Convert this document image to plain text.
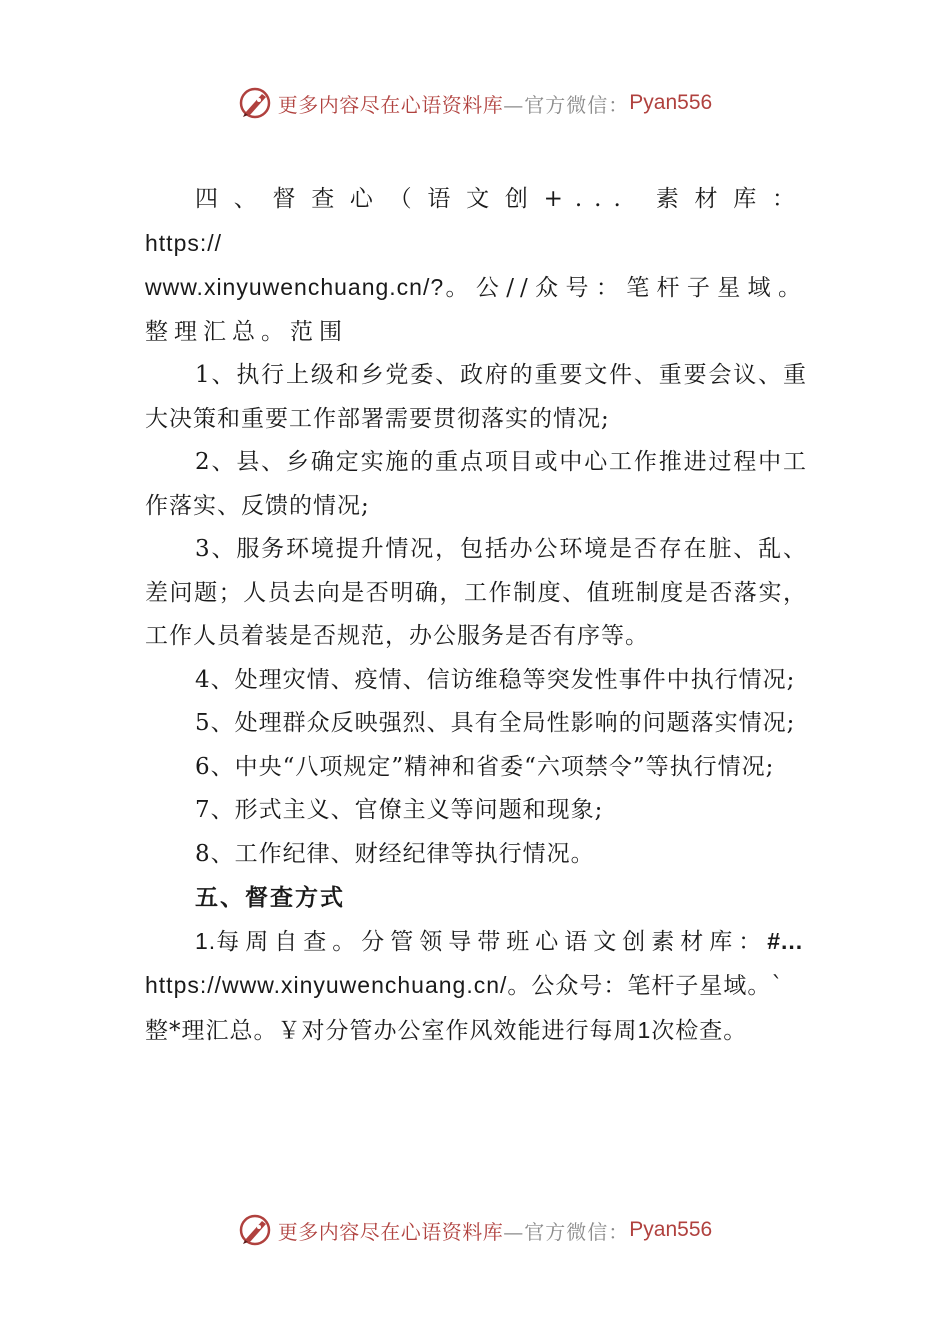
更多内容尽在心语资料库 —官方微信： Pyan556
四、督查心（语文创+... 素材库：https://
www.xinyuwenchuang.cn/?。公//众号：笔杆子星域。整理汇总。范围
1、执行上级和乡党委、政府的重要文件、重要会议、重大决策和重要工作部署需要贯彻落实的情况;
2、县、乡确定实施的重点项目或中心工作推进过程中工作落实、反馈的情况;
3、服务环境提升情况，包括办公环境是否存在脏、乱、差问题；人员去向是否明确，工作制度、值班制度是否落实，工作人员着装是否规范，办公服务是否有序等。
4、处理灾情、疫情、信访维稳等突发性事件中执行情况;
5、处理群众反映强烈、具有全局性影响的问题落实情况;
6、中央“八项规定”精神和省委“六项禁令”等执行情况;
7、形式主义、官僚主义等问题和现象;
8、工作纪律、财经纪律等执行情况。
五、督查方式
1.每周自查。分管领导带班心语文创素材库：#...
https://www.xinyuwenchuang.cn/。公众号：笔杆子星域。`
整*理汇总。￥对分管办公室作风效能进行每周1次检查。
更多内容尽在心语资料库 —官方微信： Pyan556
